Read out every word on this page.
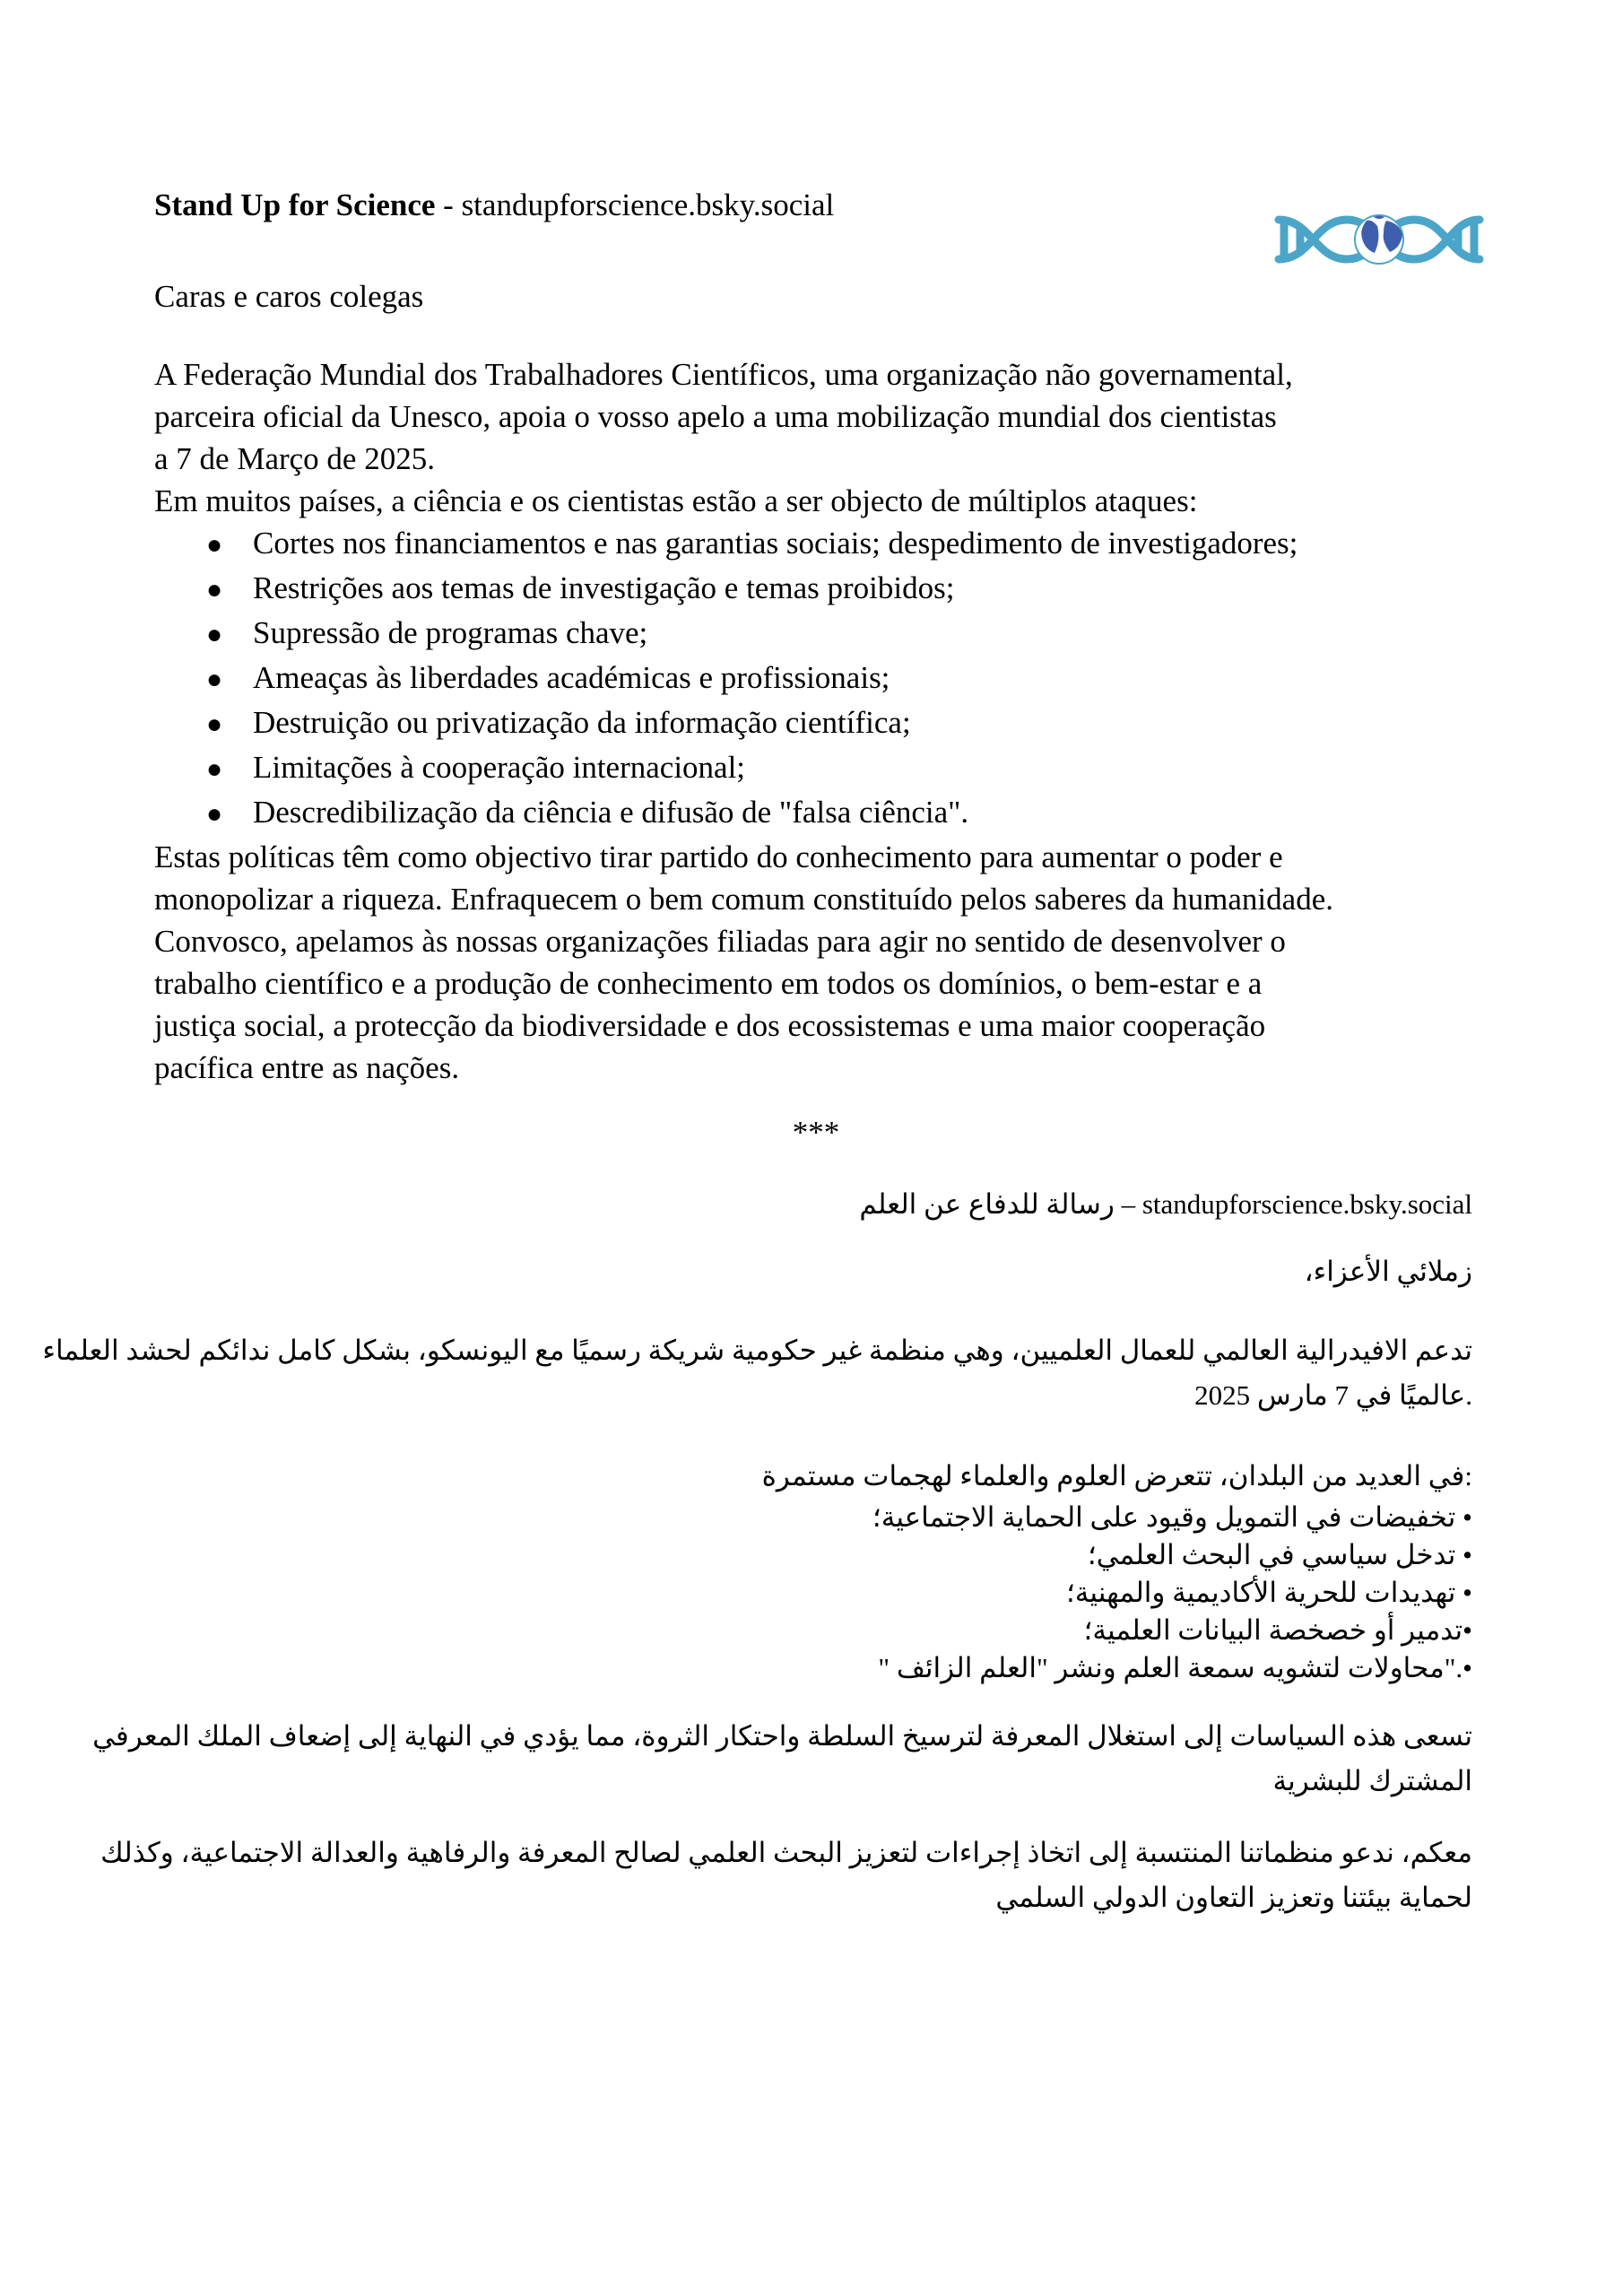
Stand Up for Science - standupforscience.bsky.social
Caras e caros colegas
A Federação Mundial dos Trabalhadores Científicos, uma organização não governamental,
parceira oficial da Unesco, apoia o vosso apelo a uma mobilização mundial dos cientistas
a 7 de Março de 2025.
Em muitos países, a ciência e os cientistas estão a ser objecto de múltiplos ataques:
● Cortes nos financiamentos e nas garantias sociais; despedimento de investigadores;
● Restrições aos temas de investigação e temas proibidos;
● Supressão de programas chave;
● Ameaças às liberdades académicas e profissionais;
● Destruição ou privatização da informação científica;
● Limitações à cooperação internacional;
● Descredibilização da ciência e difusão de "falsa ciência".
Estas políticas têm como objectivo tirar partido do conhecimento para aumentar o poder e
monopolizar a riqueza. Enfraquecem o bem comum constituído pelos saberes da humanidade.
Convosco, apelamos às nossas organizações filiadas para agir no sentido de desenvolver o
trabalho científico e a produção de conhecimento em todos os domínios, o bem-estar e a
justiça social, a protecção da biodiversidade e dos ecossistemas e uma maior cooperação
pacífica entre as nações.
***
رسالة للدفاع عن العلم – standupforscience.bsky.social
زملائي الأعزاء،
تدعم الافيدرالية العالمي للعمال العلميين، وهي منظمة غير حكومية شريكة رسميًا مع اليونسكو، بشكل كامل ندائكم لحشد العلماء
.عالميًا في 7 مارس 2025
:في العديد من البلدان، تتعرض العلوم والعلماء لهجمات مستمرة
• تخفيضات في التمويل وقيود على الحماية الاجتماعية؛
• تدخل سياسي في البحث العلمي؛
• تهديدات للحرية الأكاديمية والمهنية؛
•تدمير أو خصخصة البيانات العلمية؛
•."محاولات لتشويه سمعة العلم ونشر "العلم الزائف "
تسعى هذه السياسات إلى استغلال المعرفة لترسيخ السلطة واحتكار الثروة، مما يؤدي في النهاية إلى إضعاف الملك المعرفي
المشترك للبشرية
معكم، ندعو منظماتنا المنتسبة إلى اتخاذ إجراءات لتعزيز البحث العلمي لصالح المعرفة والرفاهية والعدالة الاجتماعية، وكذلك
لحماية بيئتنا وتعزيز التعاون الدولي السلمي
